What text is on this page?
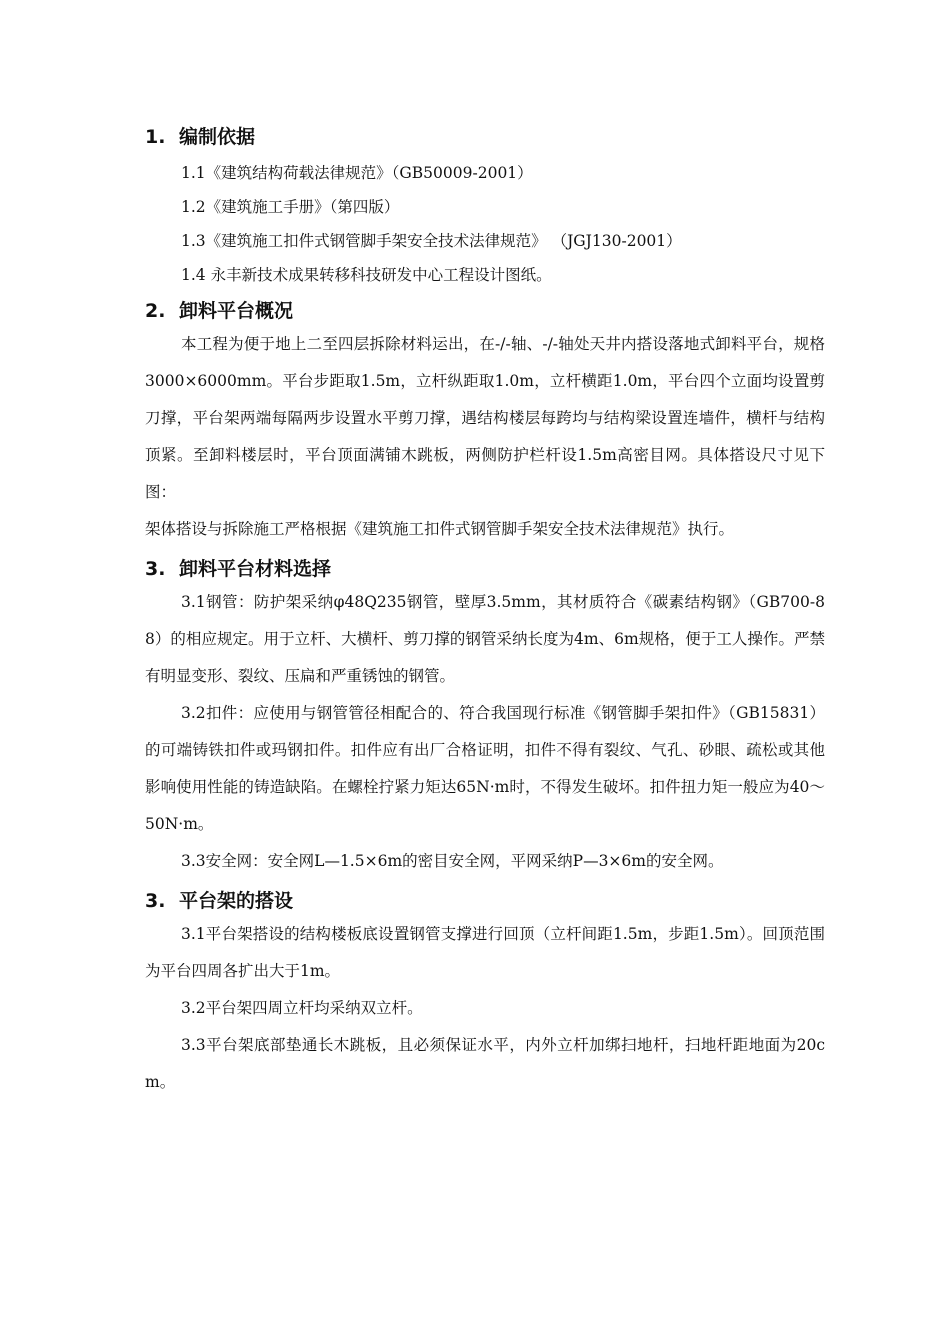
1. 编制依据

1.1《建筑结构荷载法律规范》（GB50009-2001）

1.2《建筑施工手册》（第四版）

1.3《建筑施工扣件式钢管脚手架安全技术法律规范》 （JGJ130-2001）

1.4 永丰新技术成果转移科技研发中心工程设计图纸。

2. 卸料平台概况

本工程为便于地上二至四层拆除材料运出，在-/-轴、-/-轴处天井内搭设落地式卸料平台，规格3000×6000mm。平台步距取1.5m，立杆纵距取1.0m，立杆横距1.0m，平台四个立面均设置剪刀撑，平台架两端每隔两步设置水平剪刀撑，遇结构楼层每跨均与结构梁设置连墙件，横杆与结构顶紧。至卸料楼层时，平台顶面满铺木跳板，两侧防护栏杆设1.5m高密目网。具体搭设尺寸见下图：

架体搭设与拆除施工严格根据《建筑施工扣件式钢管脚手架安全技术法律规范》执行。

3. 卸料平台材料选择

3.1钢管：防护架采纳φ48Q235钢管，壁厚3.5mm，其材质符合《碳素结构钢》（GB700-88）的相应规定。用于立杆、大横杆、剪刀撑的钢管采纳长度为4m、6m规格，便于工人操作。严禁有明显变形、裂纹、压扁和严重锈蚀的钢管。

3.2扣件：应使用与钢管管径相配合的、符合我国现行标准《钢管脚手架扣件》（GB15831）的可端铸铁扣件或玛钢扣件。扣件应有出厂合格证明，扣件不得有裂纹、气孔、砂眼、疏松或其他影响使用性能的铸造缺陷。在螺栓拧紧力矩达65N·m时，不得发生破坏。扣件扭力矩一般应为40～50N·m。

3.3安全网：安全网L—1.5×6m的密目安全网，平网采纳P—3×6m的安全网。

3. 平台架的搭设

3.1平台架搭设的结构楼板底设置钢管支撑进行回顶（立杆间距1.5m，步距1.5m）。回顶范围为平台四周各扩出大于1m。

3.2平台架四周立杆均采纳双立杆。

3.3平台架底部垫通长木跳板，且必须保证水平，内外立杆加绑扫地杆，扫地杆距地面为20cm。
